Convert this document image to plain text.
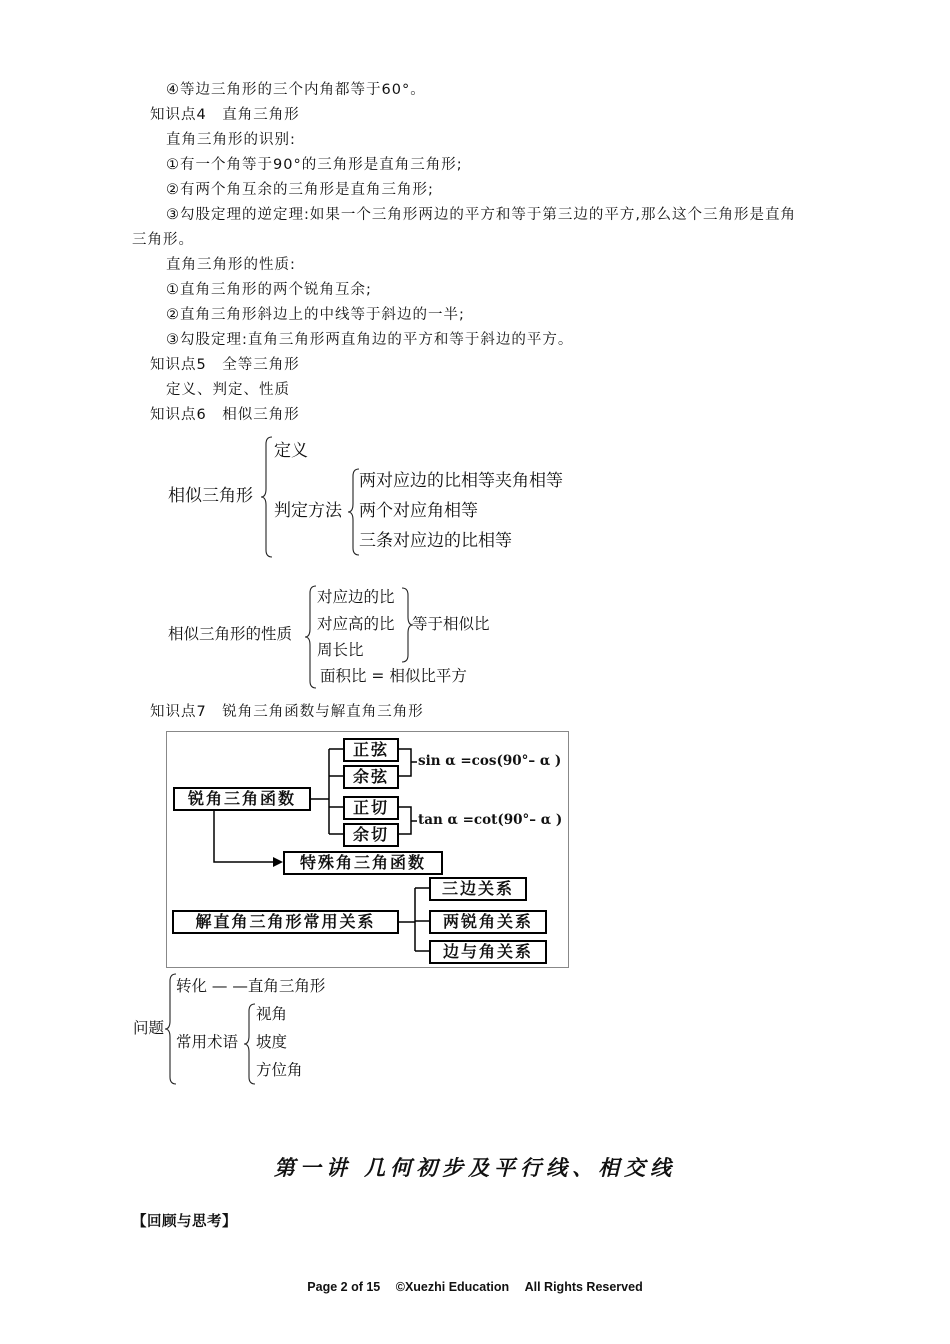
④等边三角形的三个内角都等于60°。
知识点4　直角三角形
直角三角形的识别:
①有一个角等于90°的三角形是直角三角形;
②有两个角互余的三角形是直角三角形;
③勾股定理的逆定理:如果一个三角形两边的平方和等于第三边的平方,那么这个三角形是直角
三角形。
直角三角形的性质:
①直角三角形的两个锐角互余;
②直角三角形斜边上的中线等于斜边的一半;
③勾股定理:直角三角形两直角边的平方和等于斜边的平方。
知识点5　全等三角形
定义、判定、性质
知识点6　相似三角形
相似三角形
定义
判定方法
两对应边的比相等夹角相等
两个对应角相等
三条对应边的比相等
相似三角形的性质
对应边的比
对应高的比
周长比
等于相似比
面积比 = 相似比平方
知识点7　锐角三角函数与解直角三角形
锐角三角函数
正弦
余弦
正切
余切
sin α =cos(90°– α )
tan α =cot(90°– α )
特殊角三角函数
解直角三角形常用关系
三边关系
两锐角关系
边与角关系
问题
转化 — —直角三角形
常用术语
视角
坡度
方位角
第一讲 几何初步及平行线、相交线
【回顾与思考】
Page 2 of 15 ©Xuezhi Education All Rights Reserved
